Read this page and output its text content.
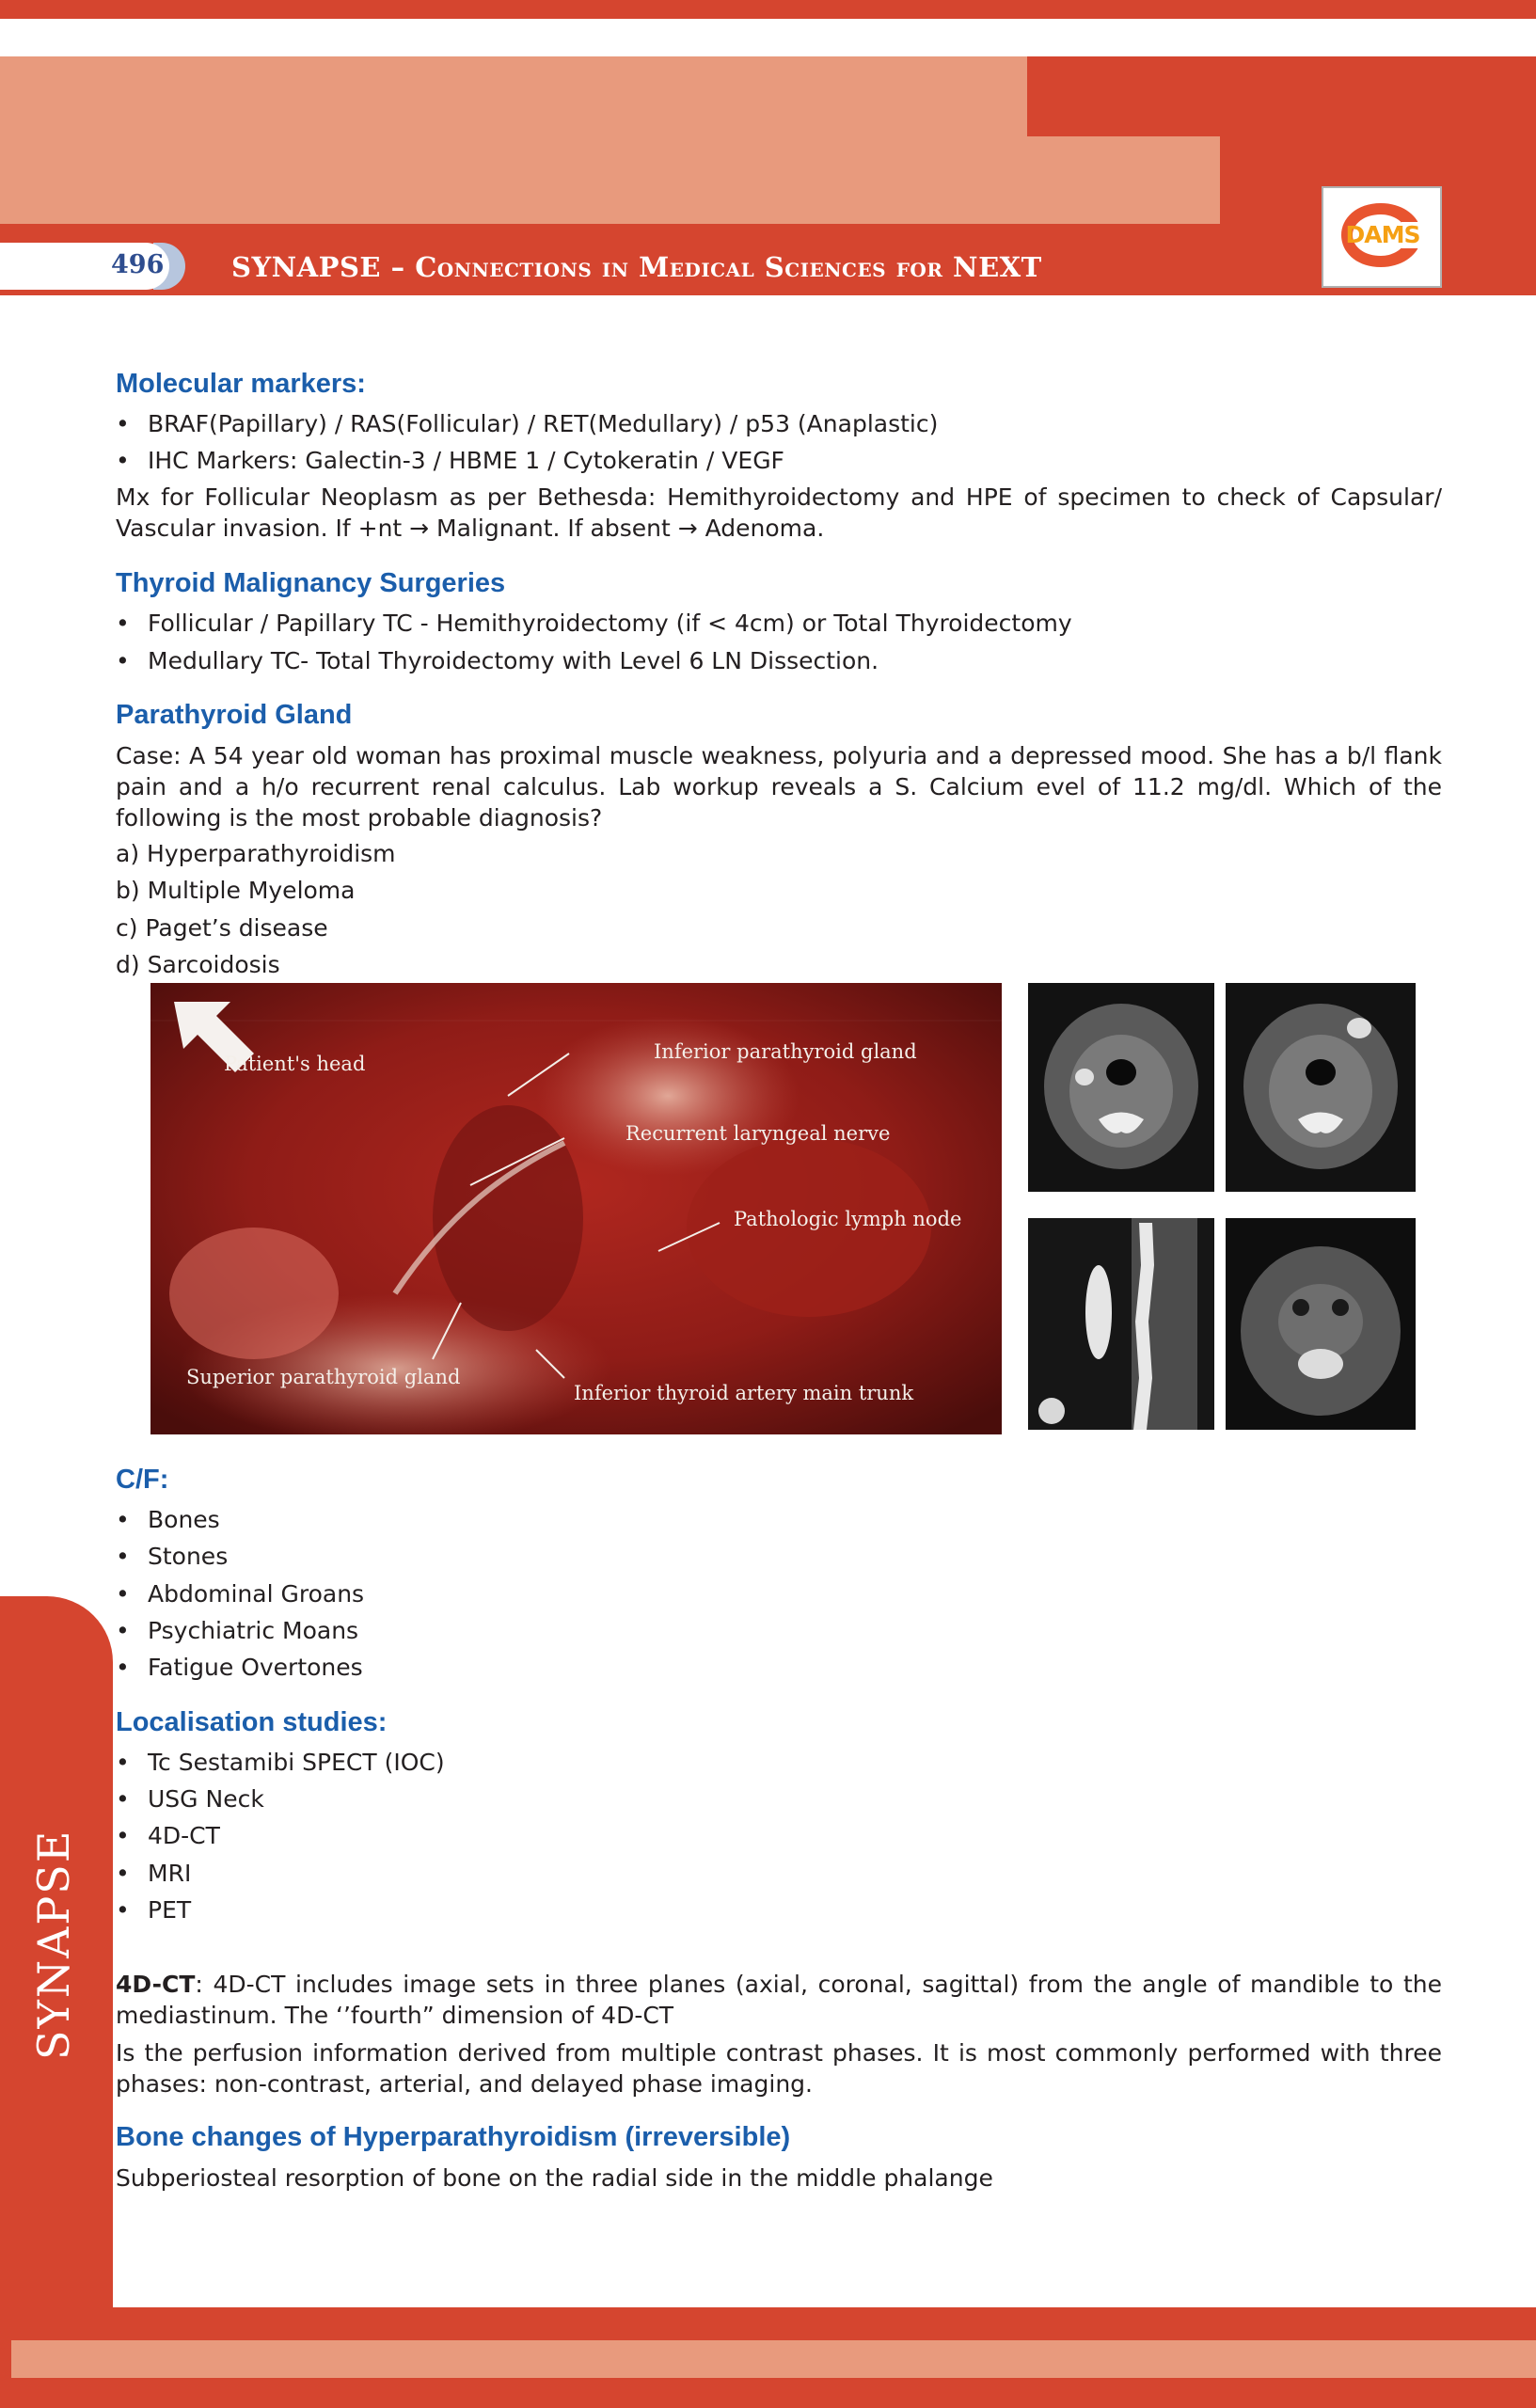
496 SYNAPSE – Connections in Medical Sciences for NEXT
DAMS
SYNAPSE
Molecular markers:
• BRAF(Papillary) / RAS(Follicular) / RET(Medullary) / p53 (Anaplastic)
• IHC Markers: Galectin-3 / HBME 1 / Cytokeratin / VEGF

Mx for Follicular Neoplasm as per Bethesda: Hemithyroidectomy and HPE of specimen to check of Capsular/ Vascular invasion. If +nt → Malignant. If absent → Adenoma.

Thyroid Malignancy Surgeries
• Follicular / Papillary TC - Hemithyroidectomy (if < 4cm) or Total Thyroidectomy
• Medullary TC- Total Thyroidectomy with Level 6 LN Dissection.
Parathyroid Gland

Case: A 54 year old woman has proximal muscle weakness, polyuria and a depressed mood. She has a b/l flank pain and a h/o recurrent renal calculus. Lab workup reveals a S. Calcium evel of 11.2 mg/dl. Which of the following is the most probable diagnosis?

a) Hyperparathyroidism
b) Multiple Myeloma
c) Paget’s disease
d) Sarcoidosis
Patient's head
Inferior parathyroid gland
Recurrent laryngeal nerve
Pathologic lymph node
Superior parathyroid gland
Inferior thyroid artery main trunk
C/F:
• Bones
• Stones
• Abdominal Groans
• Psychiatric Moans
• Fatigue Overtones
Localisation studies:
• Tc Sestamibi SPECT (IOC)
• USG Neck
• 4D-CT
• MRI
• PET

4D-CT: 4D-CT includes image sets in three planes (axial, coronal, sagittal) from the angle of mandible to the mediastinum. The ‘’fourth” dimension of 4D-CT

Is the perfusion information derived from multiple contrast phases. It is most commonly performed with three phases: non-contrast, arterial, and delayed phase imaging.

Bone changes of Hyperparathyroidism (irreversible)

Subperiosteal resorption of bone on the radial side in the middle phalange
